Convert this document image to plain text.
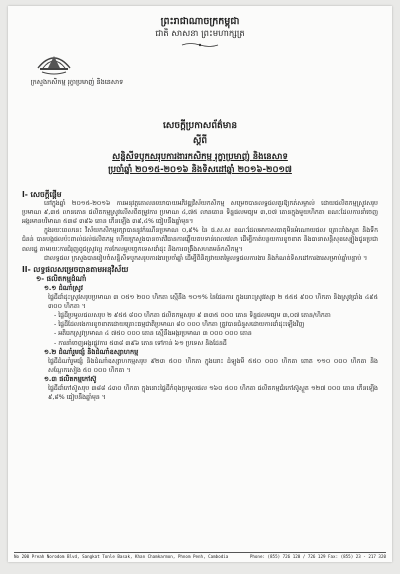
ព្រះរាជាណាចក្រកម្ពុជា
ជាតិ សាសនា ព្រះមហាក្សត្រ
ក្រសួងកសិកម្ម រុក្ខាប្រមាញ់ និងនេសាទ
សេចក្តីប្រកាសព័ត៌មាន
ស្តីពី
សន្និសីទបូកសរុបការងារកសិកម្ម រុក្ខាប្រមាញ់ និងនេសាទ
ប្រចាំឆ្នាំ ២០១៥-២០១៦ និងទិសដៅឆ្នាំ ២០១៦-២០១៧
I- សេចក្តីផ្តើម

នៅក្នុងឆ្នាំ ២០១៥-២០១៦ ការអនុវត្តគោលនយោបាយអភិវឌ្ឍវិស័យកសិកម្ម សម្រេចបានលទ្ធផលគួរឱ្យកត់សម្គាល់ ដោយផលិតកម្មស្រូវសរុបប្រមាណ ៩,៣៥ លានតោន ផលិតកម្មស្រូវលើសពីតម្រូវការ ប្រមាណ ៤,៧៥ លានតោន ទិន្នផលមធ្យម ៣,០៧ តោនក្នុងមួយហិកតា ខណៈដែលការនាំចេញអង្ករមានបរិមាណ ៥៣៨ ៣៩៦ តោន កើនឡើង ៣៩,៤% ធៀបនឹងឆ្នាំមុន។

ក្នុងរយៈពេលនេះ វិស័យកសិកម្មរក្សាបាននូវកំណើនប្រមាណ ០,៩% នៃ ផ.ស.ស ខណៈដែលអាកាសធាតុមិនអំណោយផល គ្រោះរាំងស្ងួត និងទឹកជំនន់ បានបង្កផលប៉ះពាល់ដល់ផលិតកម្ម ហើយក្រសួងបានចាត់វិធានការឆ្លើយតបទាន់ពេលវេលា ដើម្បីកាត់បន្ថយការខូចខាត និងធានាសន្តិសុខស្បៀងជូនប្រជាពលរដ្ឋ តាមរយៈការជំរុញពូជស្រូវល្អ ការកែលម្អបច្ចេកទេសដាំដុះ និងការពង្រឹងសហគមន៍កសិកម្ម។

ជាលទ្ធផល ក្រសួងបានរៀបចំសន្និសីទបូកសរុបការងារប្រចាំឆ្នាំ ដើម្បីពិនិត្យវាយតម្លៃលទ្ធផលការងារ និងកំណត់ទិសដៅការងារសម្រាប់ឆ្នាំបន្ទាប់ ។

II- លទ្ធផលសម្រេចបានតាមអនុវិស័យ
១- ផលិតកម្មដំណាំ
១.១ ដំណាំស្រូវ
ផ្ទៃដីដាំដុះស្រូវសរុបប្រមាណ ៣ ០៥១ ២០០ ហិកតា ស្មើនឹង ១០១% នៃផែនការ ក្នុងនោះស្រូវវស្សា ២ ៥៥៥ ៩០០ ហិកតា និងស្រូវប្រាំង ៤៩៥ ៣០០ ហិកតា ។
- ផ្ទៃដីប្រមូលផលសរុប ២ ៩៥៥ ៨០០ ហិកតា ផលិតកម្មសរុប ៩ ៣៣៥ ០០០ តោន ទិន្នផលមធ្យម ៣,០៧ តោន/ហិកតា
- ផ្ទៃដីដែលរងការខូចខាតដោយគ្រោះធម្មជាតិប្រមាណ ៨០ ០០០ ហិកតា ត្រូវបានជំនួសដោយការដាំដុះឡើងវិញ
- អតិរេកស្រូវប្រមាណ ៤ ៧៥០ ០០០ តោន ស្មើនឹងអង្ករប្រមាណ ៣ ០០០ ០០០ តោន
- ការនាំចេញអង្ករផ្លូវការ ៥៣៨ ៣៩៦ តោន ទៅកាន់ ៦១ ប្រទេស និងដែនដី
១.២ ដំណាំរួមផ្សំ និងដំណាំឧស្សាហកម្ម
ផ្ទៃដីដំណាំរួមផ្សំ និងដំណាំឧស្សាហកម្មសរុប ៩២៣ ៥០០ ហិកតា ក្នុងនោះ ដំឡូងមី ៥៥០ ០០០ ហិកតា ពោត ១១០ ០០០ ហិកតា និងសណ្តែកសៀង ៥០ ០០០ ហិកតា ។
១.៣ ផលិតកម្មកៅស៊ូ
ផ្ទៃដីដាំកៅស៊ូសរុប ៣៨៨ ៤៣០ ហិកតា ក្នុងនោះផ្ទៃដីកំពុងប្រមូលផល ១៦០ ៥០០ ហិកតា ផលិតកម្មជ័រកៅស៊ូស្ងួត ១២៧ ០០០ តោន កើនឡើង ៩,៨% ធៀបនឹងឆ្នាំមុន ។
No 200 Preah Norodom Blvd, Sangkat Tonle Basak, Khan Chamkarmon, Phnom Penh, Cambodia	Phone: (855) 726 120 / 726 129 Fax: (855) 23 - 217 320
